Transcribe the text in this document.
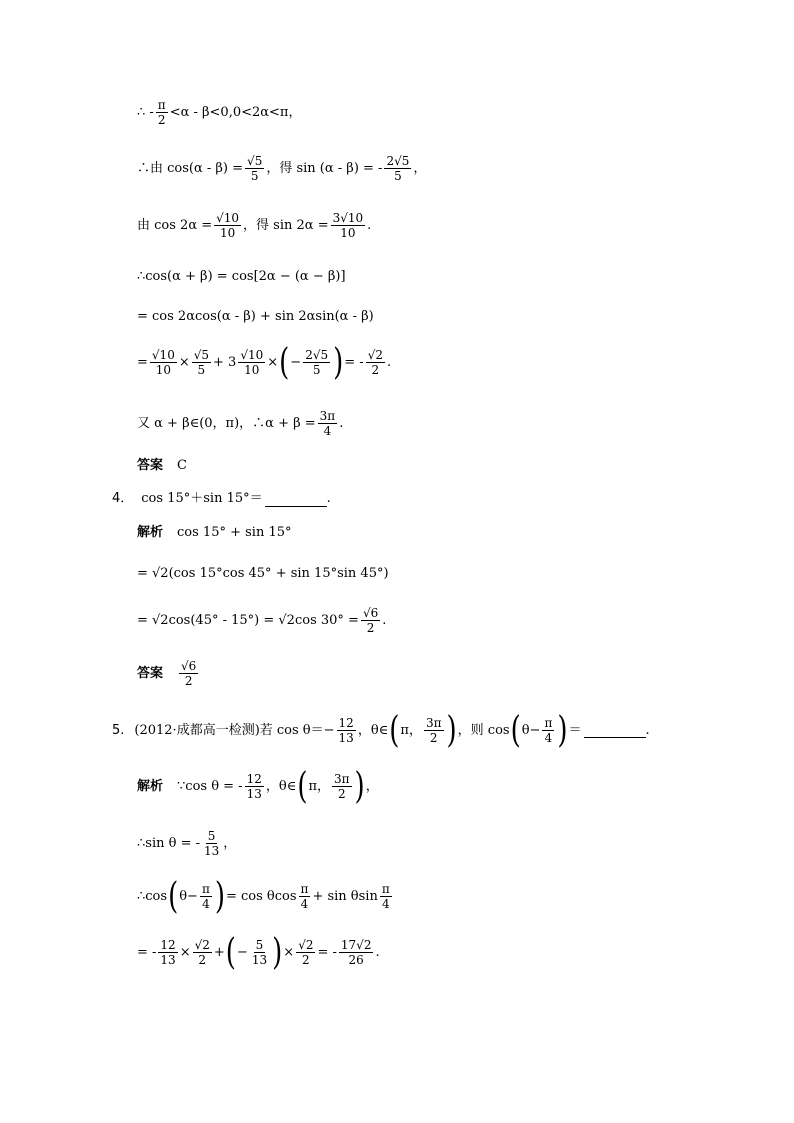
∴ - $\frac{\pi}{2} <\alpha - \beta<0,0<2\alpha<\pi$，
∴由 $\cos(\alpha - \beta) = \frac{√5}{5}$ ，得 sin (α - β) = - $\frac{2√5}{5}$ ，
由 $\cos 2\alpha = \frac{√10}{10}$ ，得 $\sin 2\alpha = \frac{3√10}{10}$ .
∴cos(α + β) = cos[2α − (α − β)]
= cos 2αcos(α - β) + sin 2αsin(α - β)
= $\frac{√10}{10} \times \frac{√5}{5} + 3 \frac{√10}{10}$ × ( − $\frac{2√5}{5}$ ) = - $\frac{√2}{2}$ .
又 α + β∈(0，π)，∴α + $\beta = \frac{3\pi}{4}$ .
答案 C
4． cos 15°＋sin 15°＝	.
解析 cos 15° + sin 15°
= √2(cos 15°cos 45° + sin 15°sin 45°)
= √2cos(45° - 15°) = √2cos $30^\circ = \frac{√6}{2}$ .
答案 $\frac{√6}{2}$
5. (2012·成都高一检测)若 $\cos \theta=- \frac{12}{13}$ ，θ∈ ( π， $\frac{3\pi}{2}$ ) ，则 cos ( $\theta- \frac{\pi}{4}$ ) ＝	.
解析 ∵cos θ = - $\frac{12}{13}$ ，θ∈ ( π， $\frac{3\pi}{2}$ ) ，
∴sin θ = - $\frac{5}{13}$ ，
∴cos ( $\theta- \frac{\pi}{4}$ ) = cos θcos $\frac{\pi}{4} + \sin \theta\sin \frac{\pi}{4}$
= - $\frac{12}{13} \times \frac{√2}{2}$ + ( − $\frac{5}{13}$ ) × $\frac{√2}{2}$ = - $\frac{17√2}{26}$ .
